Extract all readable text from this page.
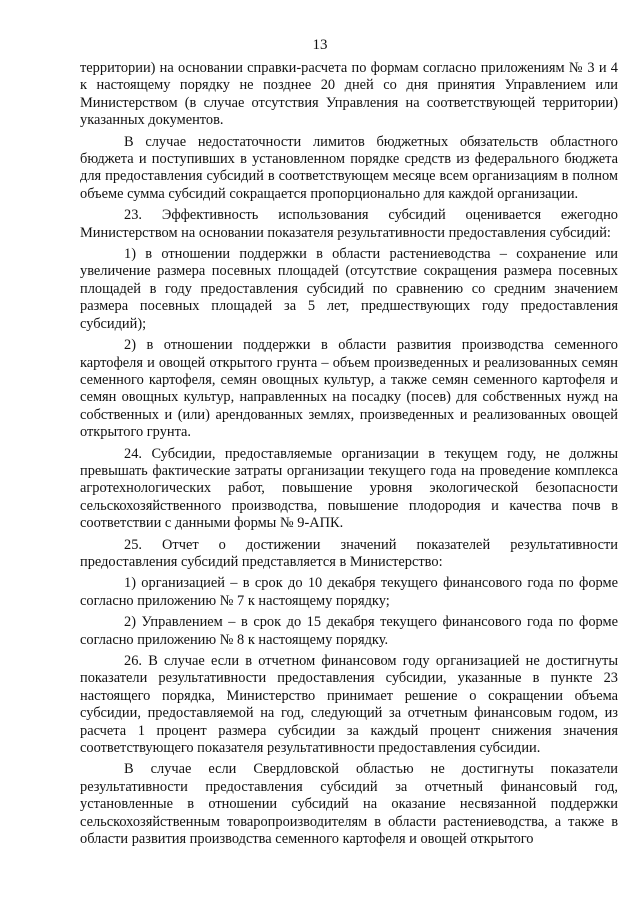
13

территории) на основании справки-расчета по формам согласно приложениям № 3 и 4 к настоящему порядку не позднее 20 дней со дня принятия Управлением или Министерством (в случае отсутствия Управления на соответствующей территории) указанных документов.

В случае недостаточности лимитов бюджетных обязательств областного бюджета и поступивших в установленном порядке средств из федерального бюджета для предоставления субсидий в соответствующем месяце всем организациям в полном объеме сумма субсидий сокращается пропорционально для каждой организации.

23. Эффективность использования субсидий оценивается ежегодно Министерством на основании показателя результативности предоставления субсидий:

1) в отношении поддержки в области растениеводства – сохранение или увеличение размера посевных площадей (отсутствие сокращения размера посевных площадей в году предоставления субсидий по сравнению со средним значением размера посевных площадей за 5 лет, предшествующих году предоставления субсидий);

2) в отношении поддержки в области развития производства семенного картофеля и овощей открытого грунта – объем произведенных и реализованных семян семенного картофеля, семян овощных культур, а также семян семенного картофеля и семян овощных культур, направленных на посадку (посев) для собственных нужд на собственных и (или) арендованных землях, произведенных и реализованных овощей открытого грунта.

24. Субсидии, предоставляемые организации в текущем году, не должны превышать фактические затраты организации текущего года на проведение комплекса агротехнологических работ, повышение уровня экологической безопасности сельскохозяйственного производства, повышение плодородия и качества почв в соответствии с данными формы № 9-АПК.

25. Отчет о достижении значений показателей результативности предоставления субсидий представляется в Министерство:

1) организацией – в срок до 10 декабря текущего финансового года по форме согласно приложению № 7 к настоящему порядку;

2) Управлением – в срок до 15 декабря текущего финансового года по форме согласно приложению № 8 к настоящему порядку.

26. В случае если в отчетном финансовом году организацией не достигнуты показатели результативности предоставления субсидии, указанные в пункте 23 настоящего порядка, Министерство принимает решение о сокращении объема субсидии, предоставляемой на год, следующий за отчетным финансовым годом, из расчета 1 процент размера субсидии за каждый процент снижения значения соответствующего показателя результативности предоставления субсидии.

В случае если Свердловской областью не достигнуты показатели результативности предоставления субсидий за отчетный финансовый год, установленные в отношении субсидий на оказание несвязанной поддержки сельскохозяйственным товаропроизводителям в области растениеводства, а также в области развития производства семенного картофеля и овощей открытого
